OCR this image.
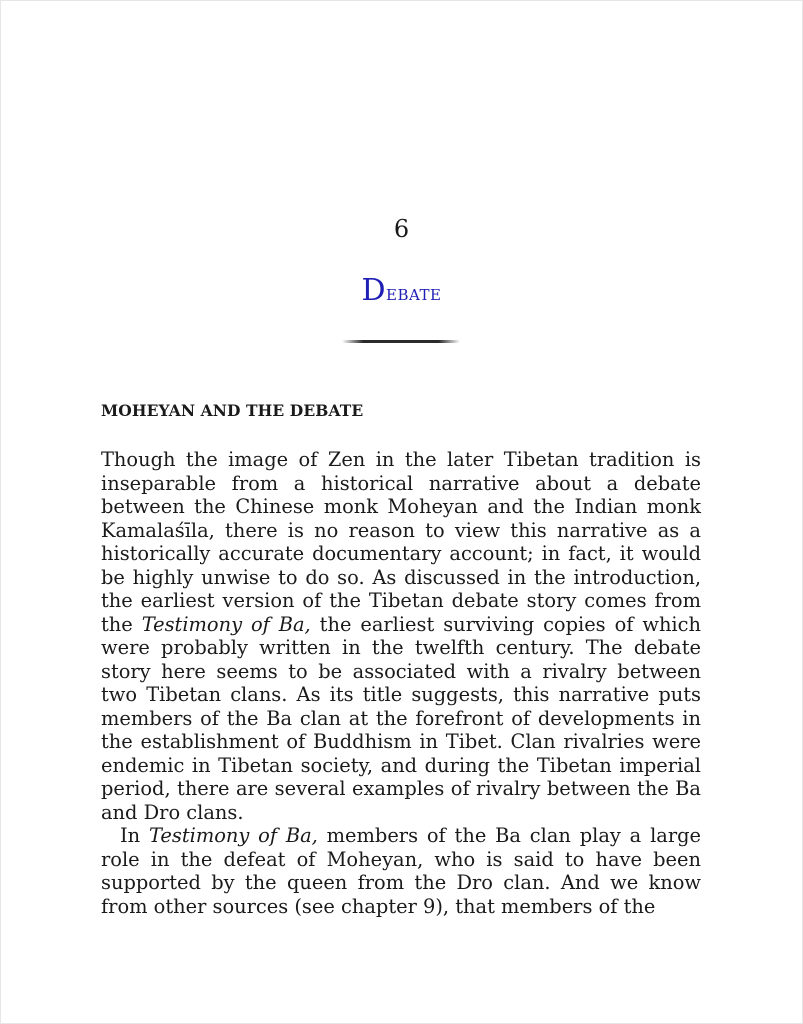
6
Debate
MOHEYAN AND THE DEBATE

Though the image of Zen in the later Tibetan tradition is inseparable from a historical narrative about a debate between the Chinese monk Moheyan and the Indian monk Kamalaśīla, there is no reason to view this narrative as a historically accurate documentary account; in fact, it would be highly unwise to do so. As discussed in the introduction, the earliest version of the Tibetan debate story comes from the Testimony of Ba, the earliest surviving copies of which were probably written in the twelfth century. The debate story here seems to be associated with a rivalry between two Tibetan clans. As its title suggests, this narrative puts members of the Ba clan at the forefront of developments in the establishment of Buddhism in Tibet. Clan rivalries were endemic in Tibetan society, and during the Tibetan imperial period, there are several examples of rivalry between the Ba and Dro clans.

In Testimony of Ba, members of the Ba clan play a large role in the defeat of Moheyan, who is said to have been supported by the queen from the Dro clan. And we know from other sources (see chapter 9), that members of the
